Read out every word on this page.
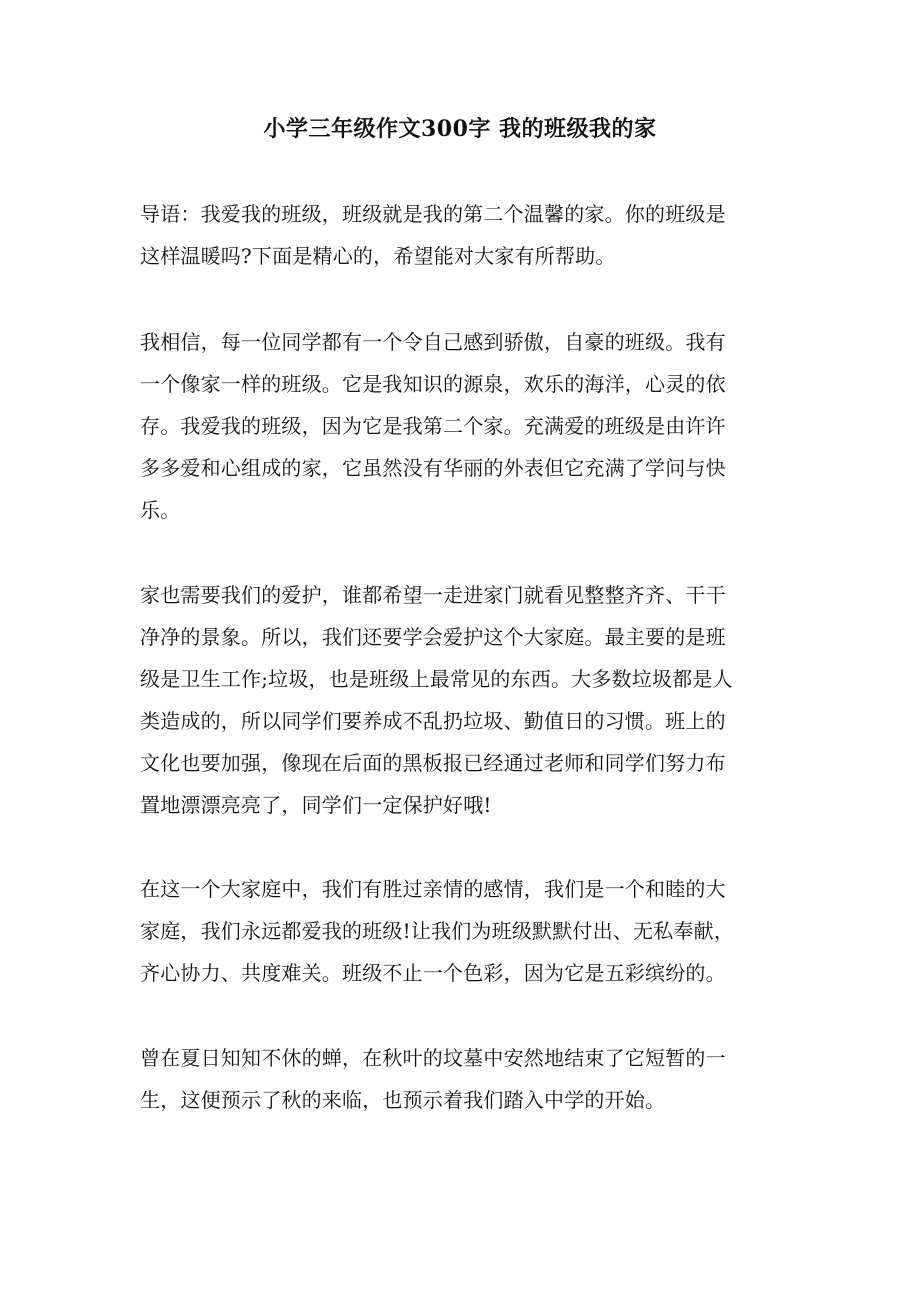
小学三年级作文300字 我的班级我的家

导语：我爱我的班级，班级就是我的第二个温馨的家。你的班级是
这样温暖吗?下面是精心的，希望能对大家有所帮助。

我相信，每一位同学都有一个令自己感到骄傲，自豪的班级。我有
一个像家一样的班级。它是我知识的源泉，欢乐的海洋，心灵的依
存。我爱我的班级，因为它是我第二个家。充满爱的班级是由许许
多多爱和心组成的家，它虽然没有华丽的外表但它充满了学问与快
乐。

家也需要我们的爱护，谁都希望一走进家门就看见整整齐齐、干干
净净的景象。所以，我们还要学会爱护这个大家庭。最主要的是班
级是卫生工作;垃圾，也是班级上最常见的东西。大多数垃圾都是人
类造成的，所以同学们要养成不乱扔垃圾、勤值日的习惯。班上的
文化也要加强，像现在后面的黑板报已经通过老师和同学们努力布
置地漂漂亮亮了，同学们一定保护好哦!

在这一个大家庭中，我们有胜过亲情的感情，我们是一个和睦的大
家庭，我们永远都爱我的班级!让我们为班级默默付出、无私奉献，
齐心协力、共度难关。班级不止一个色彩，因为它是五彩缤纷的。

曾在夏日知知不休的蝉，在秋叶的坟墓中安然地结束了它短暂的一
生，这便预示了秋的来临，也预示着我们踏入中学的开始。
